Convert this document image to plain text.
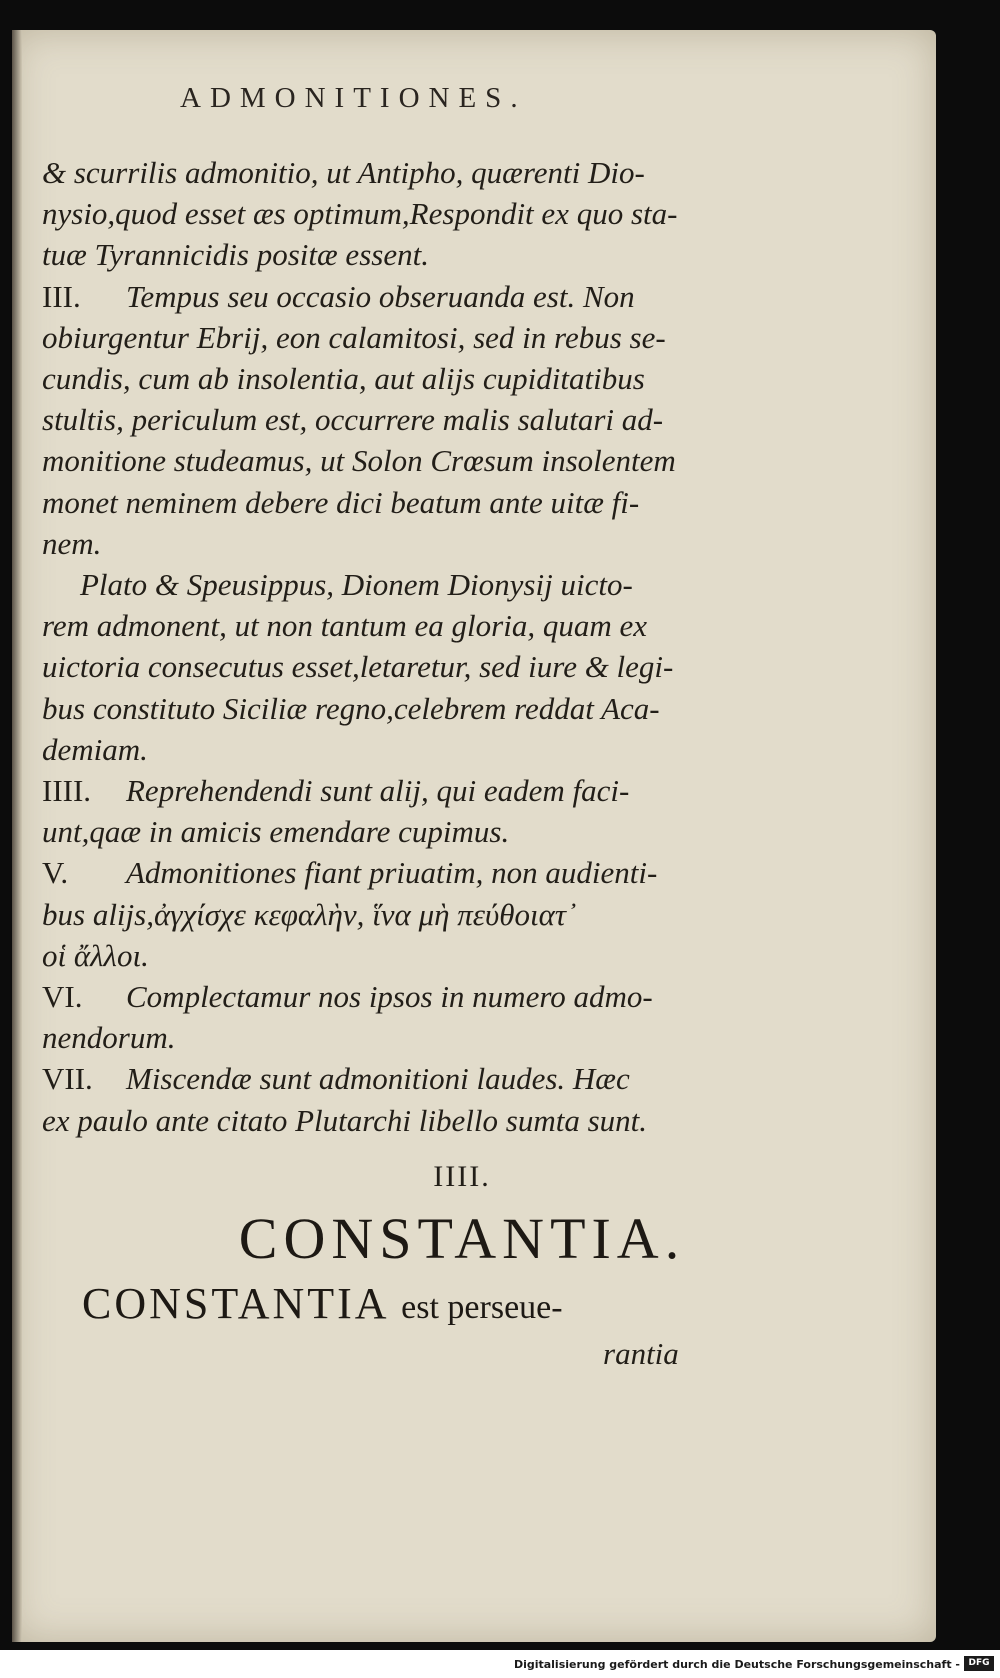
ADMONITIONES.
& scurrilis admonitio, ut Antipho, quærenti Dio-
nysio,quod esset æs optimum,Respondit ex quo sta-
tuæ Tyrannicidis positæ essent.
III. Tempus seu occasio obseruanda est. Non
obiurgentur Ebrij, eon calamitosi, sed in rebus se-
cundis, cum ab insolentia, aut alijs cupiditatibus
stultis, periculum est, occurrere malis salutari ad-
monitione studeamus, ut Solon Crœsum insolentem
monet neminem debere dici beatum ante uitæ fi-
nem.
Plato & Speusippus, Dionem Dionysij uicto-
rem admonent, ut non tantum ea gloria, quam ex
uictoria consecutus esset,letaretur, sed iure & legi-
bus constituto Siciliæ regno,celebrem reddat Aca-
demiam.
IIII. Reprehendendi sunt alij, qui eadem faci-
unt,qaæ in amicis emendare cupimus.
V. Admonitiones fiant priuatim, non audienti-
bus alijs,ἀγχίσχε κεφαλὴν, ἵνα μὴ πεύθοιατ᾽
οἱ ἄλλοι.
VI. Complectamur nos ipsos in numero admo-
nendorum.
VII. Miscendæ sunt admonitioni laudes. Hæc
ex paulo ante citato Plutarchi libello sumta sunt.
IIII.
CONSTANTIA.
CONSTANTIA est perseue-
rantia
Digitalisierung gefördert durch die Deutsche Forschungsgemeinschaft - DFG
